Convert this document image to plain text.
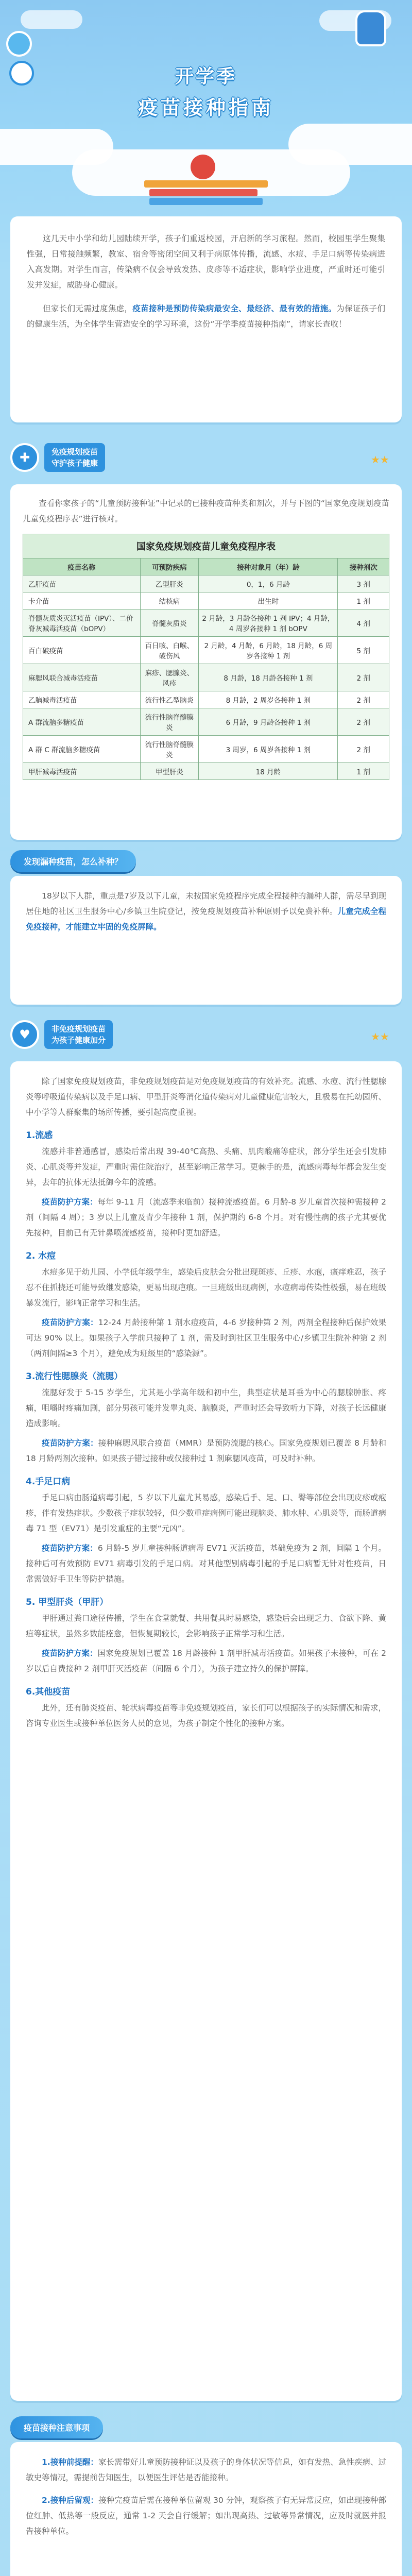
开学季
疫苗接种指南

这几天中小学和幼儿园陆续开学，孩子们重返校园，开启新的学习旅程。然而，校园里学生聚集性强，日常接触频繁，教室、宿舍等密闭空间又利于病原体传播，流感、水痘、手足口病等传染病进入高发期。对学生而言，传染病不仅会导致发热、皮疹等不适症状，影响学业进度，严重时还可能引发并发症，威胁身心健康。

但家长们无需过度焦虑，疫苗接种是预防传染病最安全、最经济、最有效的措施。为保证孩子们的健康生活，为全体学生营造安全的学习环境，这份“开学季疫苗接种指南”，请家长查收！

✚	免疫规划疫苗
守护孩子健康	★★

查看你家孩子的“儿童预防接种证”中记录的已接种疫苗种类和剂次，并与下图的“国家免疫规划疫苗儿童免疫程序表”进行核对。

国家免疫规划疫苗儿童免疫程序表
疫苗名称	可预防疾病	接种对象月（年）龄	接种剂次
乙肝疫苗	乙型肝炎	0，1，6 月龄	3 剂
卡介苗	结核病	出生时	1 剂
脊髓灰质炎灭活疫苗（IPV）、二价脊灰减毒活疫苗（bOPV）	脊髓灰质炎	2 月龄，3 月龄各接种 1 剂 IPV；4 月龄，4 周岁各接种 1 剂 bOPV	4 剂
百白破疫苗	百日咳、白喉、破伤风	2 月龄，4 月龄，6 月龄，18 月龄，6 周岁各接种 1 剂	5 剂
麻腮风联合减毒活疫苗	麻疹、腮腺炎、风疹	8 月龄，18 月龄各接种 1 剂	2 剂
乙脑减毒活疫苗	流行性乙型脑炎	8 月龄，2 周岁各接种 1 剂	2 剂
A 群流脑多糖疫苗	流行性脑脊髓膜炎	6 月龄，9 月龄各接种 1 剂	2 剂
A 群 C 群流脑多糖疫苗	流行性脑脊髓膜炎	3 周岁，6 周岁各接种 1 剂	2 剂
甲肝减毒活疫苗	甲型肝炎	18 月龄	1 剂
发现漏种疫苗，怎么补种？

18岁以下人群，重点是7岁及以下儿童，未按国家免疫程序完成全程接种的漏种人群，需尽早到现居住地的社区卫生服务中心/乡镇卫生院登记，按免疫规划疫苗补种原则予以免费补种。儿童完成全程免疫接种，才能建立牢固的免疫屏障。

♥	非免疫规划疫苗
为孩子健康加分	★★

除了国家免疫规划疫苗，非免疫规划疫苗是对免疫规划疫苗的有效补充。流感、水痘、流行性腮腺炎等呼吸道传染病以及手足口病、甲型肝炎等消化道传染病对儿童健康危害较大，且极易在托幼园所、中小学等人群聚集的场所传播，要引起高度重视。

1.流感

流感并非普通感冒，感染后常出现 39-40℃高热、头痛、肌肉酸痛等症状，部分学生还会引发肺炎、心肌炎等并发症，严重时需住院治疗，甚至影响正常学习。更棘手的是，流感病毒每年都会发生变异，去年的抗体无法抵御今年的流感。

疫苗防护方案：每年 9-11 月（流感季来临前）接种流感疫苗。6 月龄-8 岁儿童首次接种需接种 2 剂（间隔 4 周）；3 岁以上儿童及青少年接种 1 剂，保护期约 6-8 个月。对有慢性病的孩子尤其要优先接种，目前已有无针鼻喷流感疫苗，接种时更加舒适。

2. 水痘

水痘多见于幼儿园、小学低年级学生，感染后皮肤会分批出现斑疹、丘疹、水疱，瘙痒难忍，孩子忍不住抓挠还可能导致继发感染，更易出现疤痕。一旦班级出现病例，水痘病毒传染性极强，易在班级暴发流行，影响正常学习和生活。

疫苗防护方案：12-24 月龄接种第 1 剂水痘疫苗，4-6 岁接种第 2 剂，两剂全程接种后保护效果可达 90% 以上。如果孩子入学前只接种了 1 剂，需及时到社区卫生服务中心/乡镇卫生院补种第 2 剂（两剂间隔≥3 个月），避免成为班级里的“感染源”。

3.流行性腮腺炎（流腮）

流腮好发于 5-15 岁学生，尤其是小学高年级和初中生，典型症状是耳垂为中心的腮腺肿胀、疼痛，咀嚼时疼痛加剧，部分男孩可能并发睾丸炎、脑膜炎，严重时还会导致听力下降，对孩子长远健康造成影响。

疫苗防护方案：接种麻腮风联合疫苗（MMR）是预防流腮的核心。国家免疫规划已覆盖 8 月龄和 18 月龄两剂次接种。如果孩子错过接种或仅接种过 1 剂麻腮风疫苗，可及时补种。

4.手足口病

手足口病由肠道病毒引起，5 岁以下儿童尤其易感，感染后手、足、口、臀等部位会出现皮疹或疱疹，伴有发热症状。少数孩子症状较轻，但少数重症病例可能出现脑炎、肺水肿、心肌炎等，而肠道病毒 71 型（EV71）是引发重症的主要“元凶”。

疫苗防护方案：6 月龄-5 岁儿童接种肠道病毒 EV71 灭活疫苗，基础免疫为 2 剂，间隔 1 个月。接种后可有效预防 EV71 病毒引发的手足口病。对其他型别病毒引起的手足口病暂无针对性疫苗，日常需做好手卫生等防护措施。

5. 甲型肝炎（甲肝）

甲肝通过粪口途径传播，学生在食堂就餐、共用餐具时易感染，感染后会出现乏力、食欲下降、黄疸等症状，虽然多数能痊愈，但恢复期较长，会影响孩子正常学习和生活。

疫苗防护方案：国家免疫规划已覆盖 18 月龄接种 1 剂甲肝减毒活疫苗。如果孩子未接种，可在 2 岁以后自费接种 2 剂甲肝灭活疫苗（间隔 6 个月），为孩子建立持久的保护屏障。

6.其他疫苗

此外，还有肺炎疫苗、轮状病毒疫苗等非免疫规划疫苗，家长们可以根据孩子的实际情况和需求，咨询专业医生或接种单位医务人员的意见，为孩子制定个性化的接种方案。

疫苗接种注意事项

1.接种前提醒：家长需带好儿童预防接种证以及孩子的身体状况等信息，如有发热、急性疾病、过敏史等情况，需提前告知医生，以便医生评估是否能接种。

2.接种后留观：接种完疫苗后需在接种单位留观 30 分钟，观察孩子有无异常反应，如出现接种部位红肿、低热等一般反应，通常 1-2 天会自行缓解；如出现高热、过敏等异常情况，应及时就医并报告接种单位。
